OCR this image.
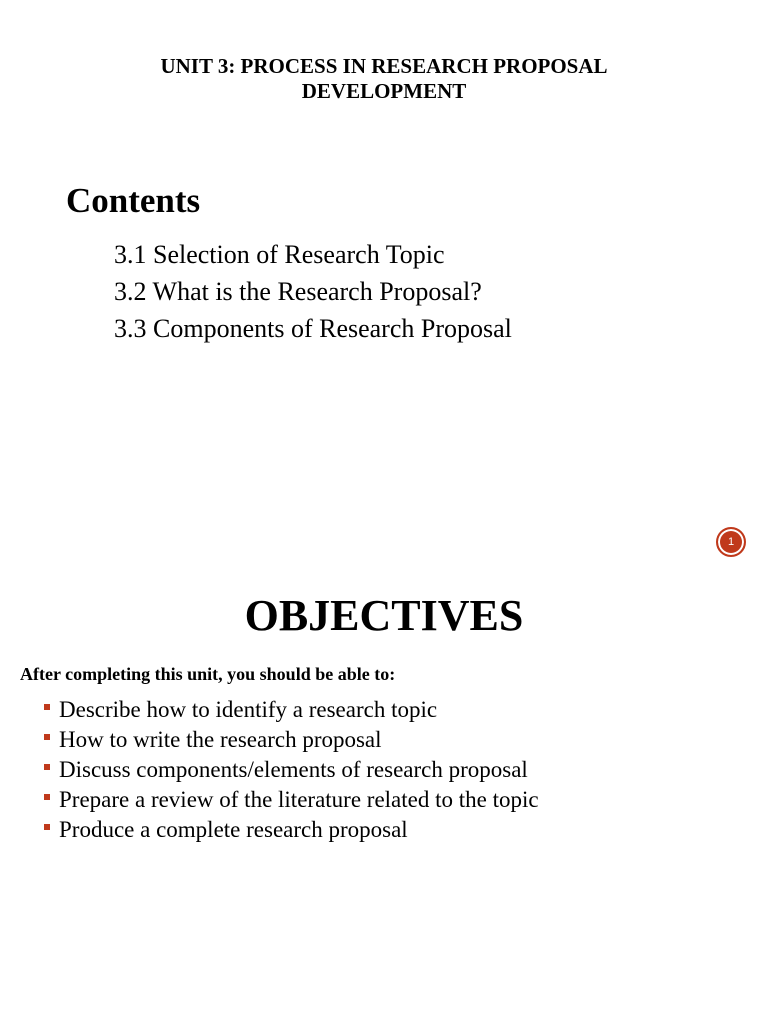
UNIT 3: PROCESS IN RESEARCH PROPOSAL
DEVELOPMENT
Contents
3.1 Selection of Research Topic
3.2 What is the Research Proposal?
3.3 Components of Research Proposal
1
OBJECTIVES
After completing this unit, you should be able to:
Describe how to identify a research topic
How to write the research proposal
Discuss components/elements of research proposal
Prepare a review of the literature related to the topic
Produce a complete research proposal
